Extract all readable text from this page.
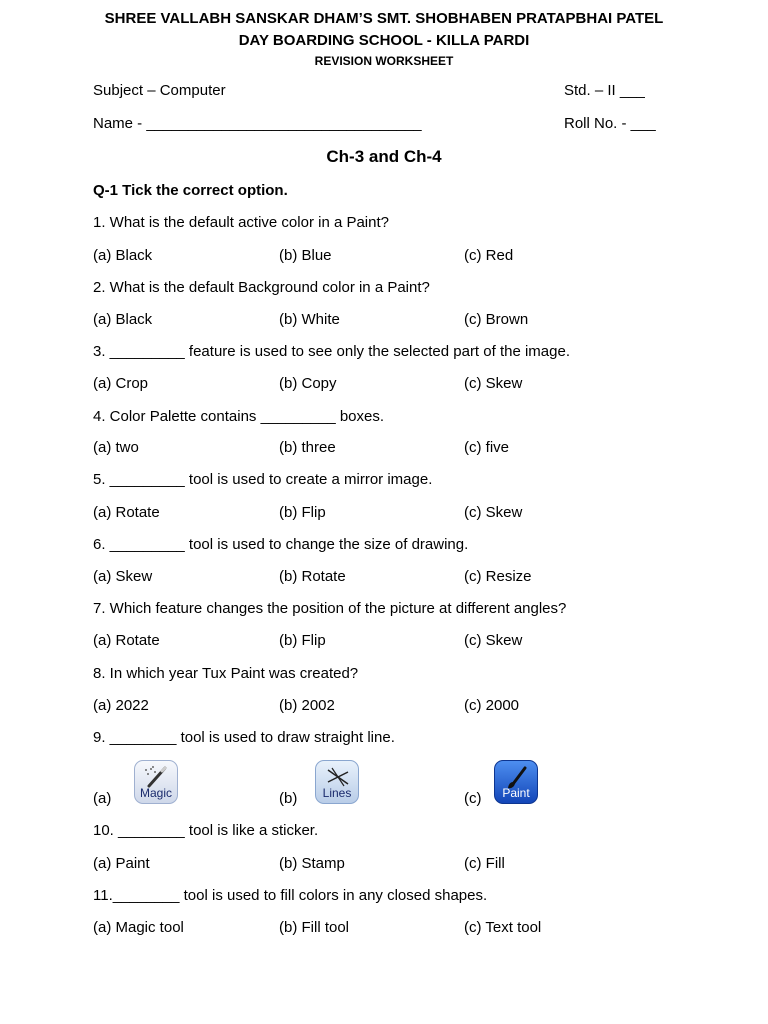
SHREE VALLABH SANSKAR DHAM’S SMT. SHOBHABEN PRATAPBHAI PATEL
DAY BOARDING SCHOOL - KILLA PARDI
REVISION WORKSHEET
Subject – Computer	Std. – II ___
Name - _________________________________	Roll No. - ___
Ch-3 and Ch-4
Q-1 Tick the correct option.
1. What is the default active color in a Paint?
(a) Black	(b) Blue	(c) Red
2. What is the default Background color in a Paint?
(a) Black	(b) White	(c) Brown
3. _________ feature is used to see only the selected part of the image.
(a) Crop	(b) Copy	(c) Skew
4. Color Palette contains _________ boxes.
(a) two	(b) three	(c) five
5. _________ tool is used to create a mirror image.
(a) Rotate	(b) Flip	(c) Skew
6. _________ tool is used to change the size of drawing.
(a) Skew	(b) Rotate	(c) Resize
7. Which feature changes the position of the picture at different angles?
(a) Rotate	(b) Flip	(c) Skew
8. In which year Tux Paint was created?
(a) 2022	(b) 2002	(c) 2000
9. ________ tool is used to draw straight line.
(a)	(b)	(c)
Magic	Lines	Paint
10. ________ tool is like a sticker.
(a) Paint	(b) Stamp	(c) Fill
11.________ tool is used to fill colors in any closed shapes.
(a) Magic tool	(b) Fill tool	(c) Text tool
